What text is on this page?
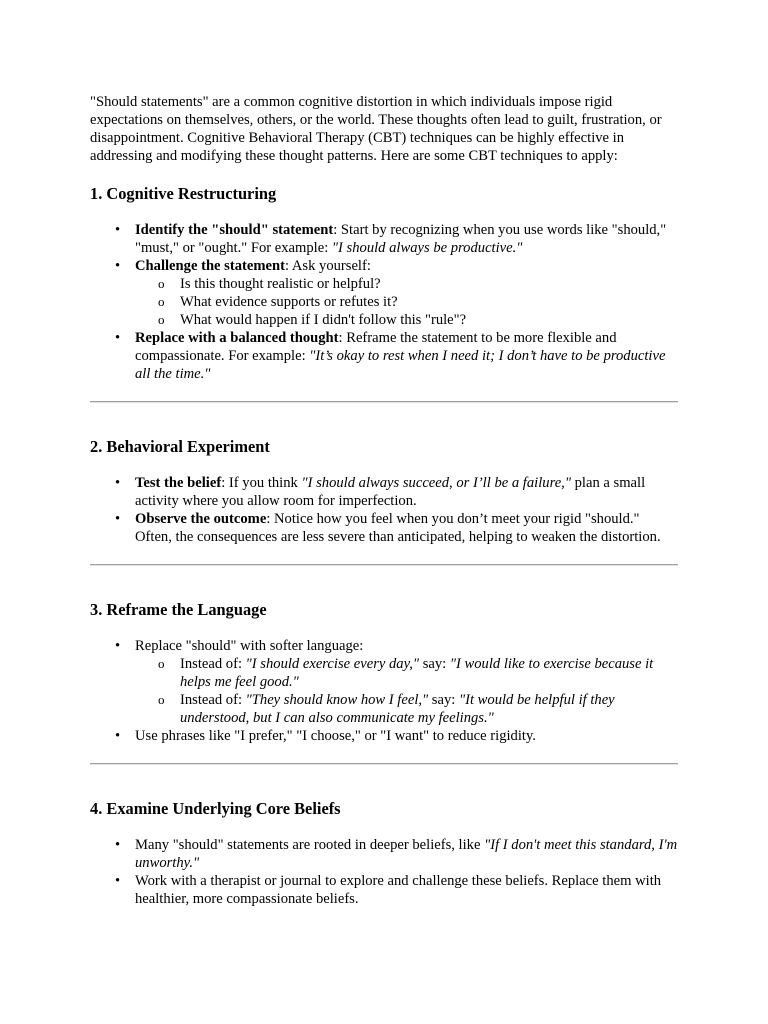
"Should statements" are a common cognitive distortion in which individuals impose rigid expectations on themselves, others, or the world. These thoughts often lead to guilt, frustration, or disappointment. Cognitive Behavioral Therapy (CBT) techniques can be highly effective in addressing and modifying these thought patterns. Here are some CBT techniques to apply:

1. Cognitive Restructuring
• Identify the "should" statement: Start by recognizing when you use words like "should," "must," or "ought." For example: "I should always be productive."
• Challenge the statement: Ask yourself:
o Is this thought realistic or helpful?
o What evidence supports or refutes it?
o What would happen if I didn't follow this "rule"?
• Replace with a balanced thought: Reframe the statement to be more flexible and compassionate. For example: "It’s okay to rest when I need it; I don’t have to be productive all the time."
2. Behavioral Experiment
• Test the belief: If you think "I should always succeed, or I’ll be a failure," plan a small activity where you allow room for imperfection.
• Observe the outcome: Notice how you feel when you don’t meet your rigid "should." Often, the consequences are less severe than anticipated, helping to weaken the distortion.
3. Reframe the Language
• Replace "should" with softer language:
o Instead of: "I should exercise every day," say: "I would like to exercise because it helps me feel good."
o Instead of: "They should know how I feel," say: "It would be helpful if they understood, but I can also communicate my feelings."
• Use phrases like "I prefer," "I choose," or "I want" to reduce rigidity.
4. Examine Underlying Core Beliefs
• Many "should" statements are rooted in deeper beliefs, like "If I don't meet this standard, I'm unworthy."
• Work with a therapist or journal to explore and challenge these beliefs. Replace them with healthier, more compassionate beliefs.
